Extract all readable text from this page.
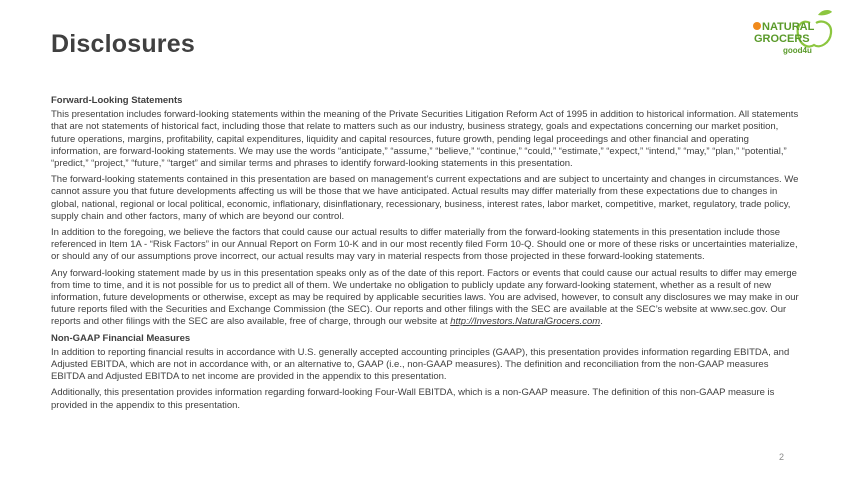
Disclosures
NATURAL
GROCERS
good4u
Forward-Looking Statements

This presentation includes forward-looking statements within the meaning of the Private Securities Litigation Reform Act of 1995 in addition to historical information. All statements that are not statements of historical fact, including those that relate to matters such as our industry, business strategy, goals and expectations concerning our market position, future operations, margins, profitability, capital expenditures, liquidity and capital resources, future growth, pending legal proceedings and other financial and operating information, are forward-looking statements. We may use the words “anticipate,” “assume,” “believe,” “continue,” “could,” “estimate,” “expect,” “intend,” “may,” “plan,” “potential,” “predict,” “project,” “future,” “target” and similar terms and phrases to identify forward-looking statements in this presentation.

The forward-looking statements contained in this presentation are based on management’s current expectations and are subject to uncertainty and changes in circumstances. We cannot assure you that future developments affecting us will be those that we have anticipated. Actual results may differ materially from these expectations due to changes in global, national, regional or local political, economic, inflationary, disinflationary, recessionary, business, interest rates, labor market, competitive, market, regulatory, trade policy, supply chain and other factors, many of which are beyond our control.

In addition to the foregoing, we believe the factors that could cause our actual results to differ materially from the forward-looking statements in this presentation include those referenced in Item 1A - “Risk Factors” in our Annual Report on Form 10-K and in our most recently filed Form 10-Q. Should one or more of these risks or uncertainties materialize, or should any of our assumptions prove incorrect, our actual results may vary in material respects from those projected in these forward-looking statements.

Any forward-looking statement made by us in this presentation speaks only as of the date of this report. Factors or events that could cause our actual results to differ may emerge from time to time, and it is not possible for us to predict all of them. We undertake no obligation to publicly update any forward-looking statement, whether as a result of new information, future developments or otherwise, except as may be required by applicable securities laws. You are advised, however, to consult any disclosures we may make in our future reports filed with the Securities and Exchange Commission (the SEC). Our reports and other filings with the SEC are available at the SEC’s website at www.sec.gov. Our reports and other filings with the SEC are also available, free of charge, through our website at http://Investors.NaturalGrocers.com.

Non-GAAP Financial Measures

In addition to reporting financial results in accordance with U.S. generally accepted accounting principles (GAAP), this presentation provides information regarding EBITDA, and Adjusted EBITDA, which are not in accordance with, or an alternative to, GAAP (i.e., non-GAAP measures). The definition and reconciliation from the non-GAAP measures EBITDA and Adjusted EBITDA to net income are provided in the appendix to this presentation.

Additionally, this presentation provides information regarding forward-looking Four-Wall EBITDA, which is a non-GAAP measure. The definition of this non-GAAP measure is provided in the appendix to this presentation.

2
